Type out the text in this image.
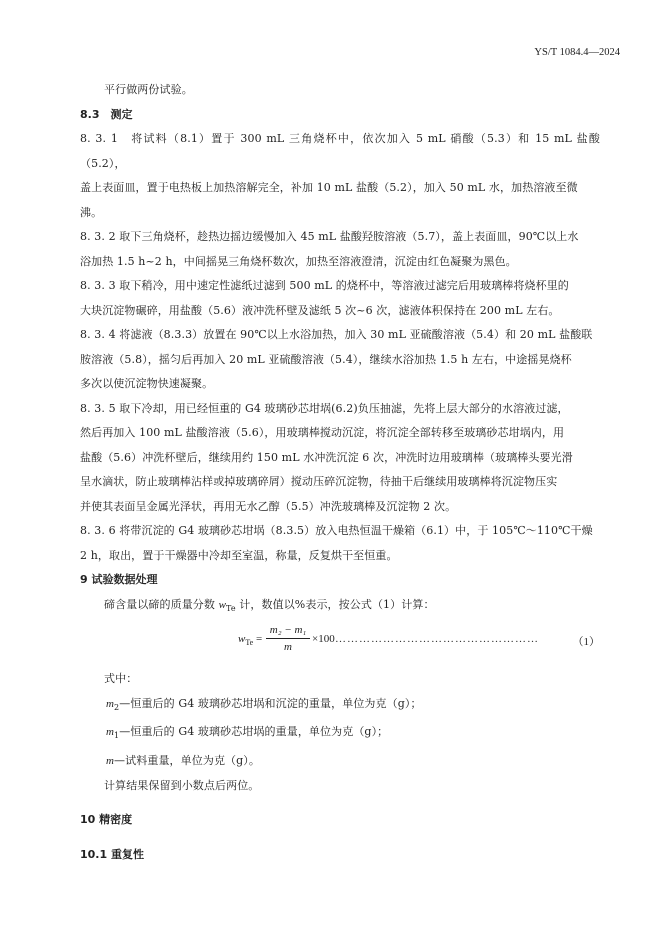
YS/T 1084.4—2024

平行做两份试验。

8.3　测定

8. 3. 1　将试料（8.1）置于 300 mL 三角烧杯中，依次加入 5 mL 硝酸（5.3）和 15 mL 盐酸（5.2），
盖上表面皿，置于电热板上加热溶解完全，补加 10 mL 盐酸（5.2），加入 50 mL 水，加热溶液至微
沸。

8. 3. 2 取下三角烧杯，趁热边摇边缓慢加入 45 mL 盐酸羟胺溶液（5.7），盖上表面皿，90℃以上水
浴加热 1.5 h~2 h，中间摇晃三角烧杯数次，加热至溶液澄清，沉淀由红色凝聚为黑色。

8. 3. 3 取下稍冷，用中速定性滤纸过滤到 500 mL 的烧杯中，等溶液过滤完后用玻璃棒将烧杯里的
大块沉淀物碾碎，用盐酸（5.6）液冲洗杯壁及滤纸 5 次~6 次，滤液体积保持在 200 mL 左右。

8. 3. 4 将滤液（8.3.3）放置在 90℃以上水浴加热，加入 30 mL 亚硫酸溶液（5.4）和 20 mL 盐酸联
胺溶液（5.8），摇匀后再加入 20 mL 亚硫酸溶液（5.4），继续水浴加热 1.5 h 左右，中途摇晃烧杯
多次以使沉淀物快速凝聚。

8. 3. 5 取下冷却，用已经恒重的 G4 玻璃砂芯坩埚(6.2)负压抽滤，先将上层大部分的水溶液过滤，
然后再加入 100 mL 盐酸溶液（5.6），用玻璃棒搅动沉淀，将沉淀全部转移至玻璃砂芯坩埚内，用
盐酸（5.6）冲洗杯壁后，继续用约 150 mL 水冲洗沉淀 6 次，冲洗时边用玻璃棒（玻璃棒头要光滑
呈水滴状，防止玻璃棒沾样或掉玻璃碎屑）搅动压碎沉淀物，待抽干后继续用玻璃棒将沉淀物压实
并使其表面呈金属光泽状，再用无水乙醇（5.5）冲洗玻璃棒及沉淀物 2 次。

8. 3. 6 将带沉淀的 G4 玻璃砂芯坩埚（8.3.5）放入电热恒温干燥箱（6.1）中，于 105℃～110℃干燥
2 h，取出，置于干燥器中冷却至室温，称量，反复烘干至恒重。

9 试验数据处理

碲含量以碲的质量分数 $w_{Te}$ 计，数值以%表示，按公式（1）计算：

$w_{Te} = \frac{\text{m₂ − m₁}}{m} \times 100$ ……………………………………………	（1）

式中：

$m_2—$恒重后的 G4 玻璃砂芯坩埚和沉淀的重量，单位为克（g）；

$m_1—$恒重后的 G4 玻璃砂芯坩埚的重量，单位为克（g）；

m—试料重量，单位为克（g）。

计算结果保留到小数点后两位。

10 精密度

10.1 重复性
